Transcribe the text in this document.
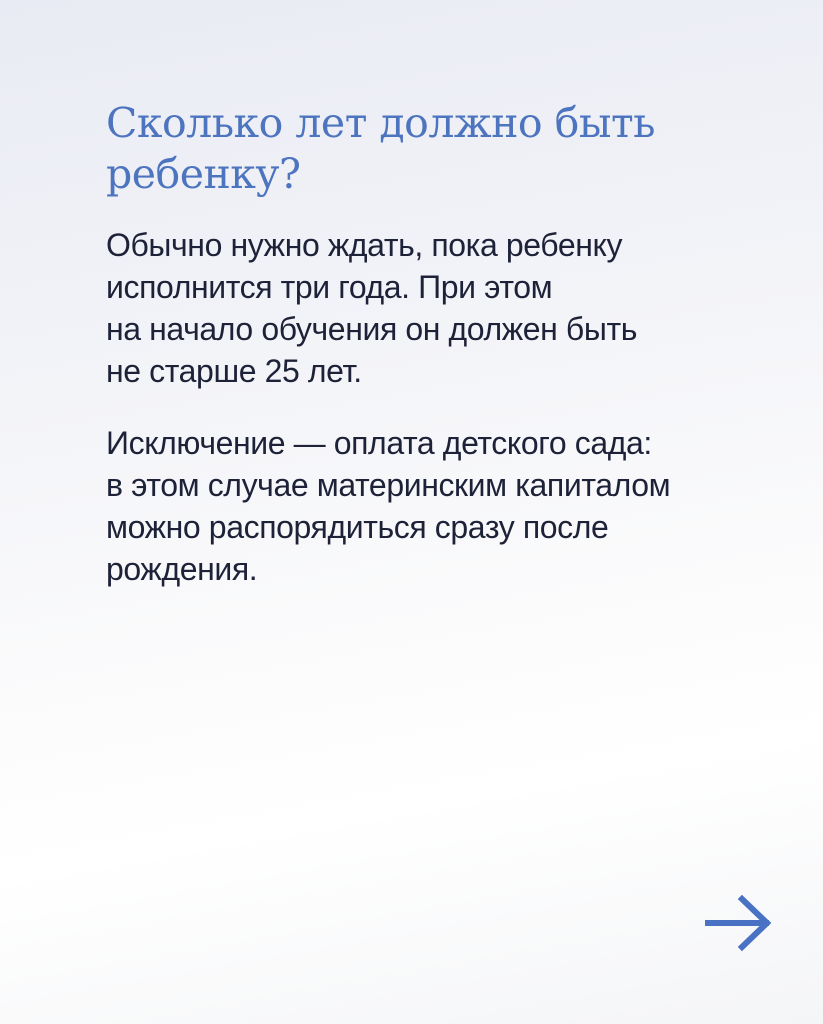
Сколько лет должно быть
ребенку?

Обычно нужно ждать, пока ребенку
исполнится три года. При этом
на начало обучения он должен быть
не старше 25 лет.

Исключение — оплата детского сада:
в этом случае материнским капиталом
можно распорядиться сразу после
рождения.
